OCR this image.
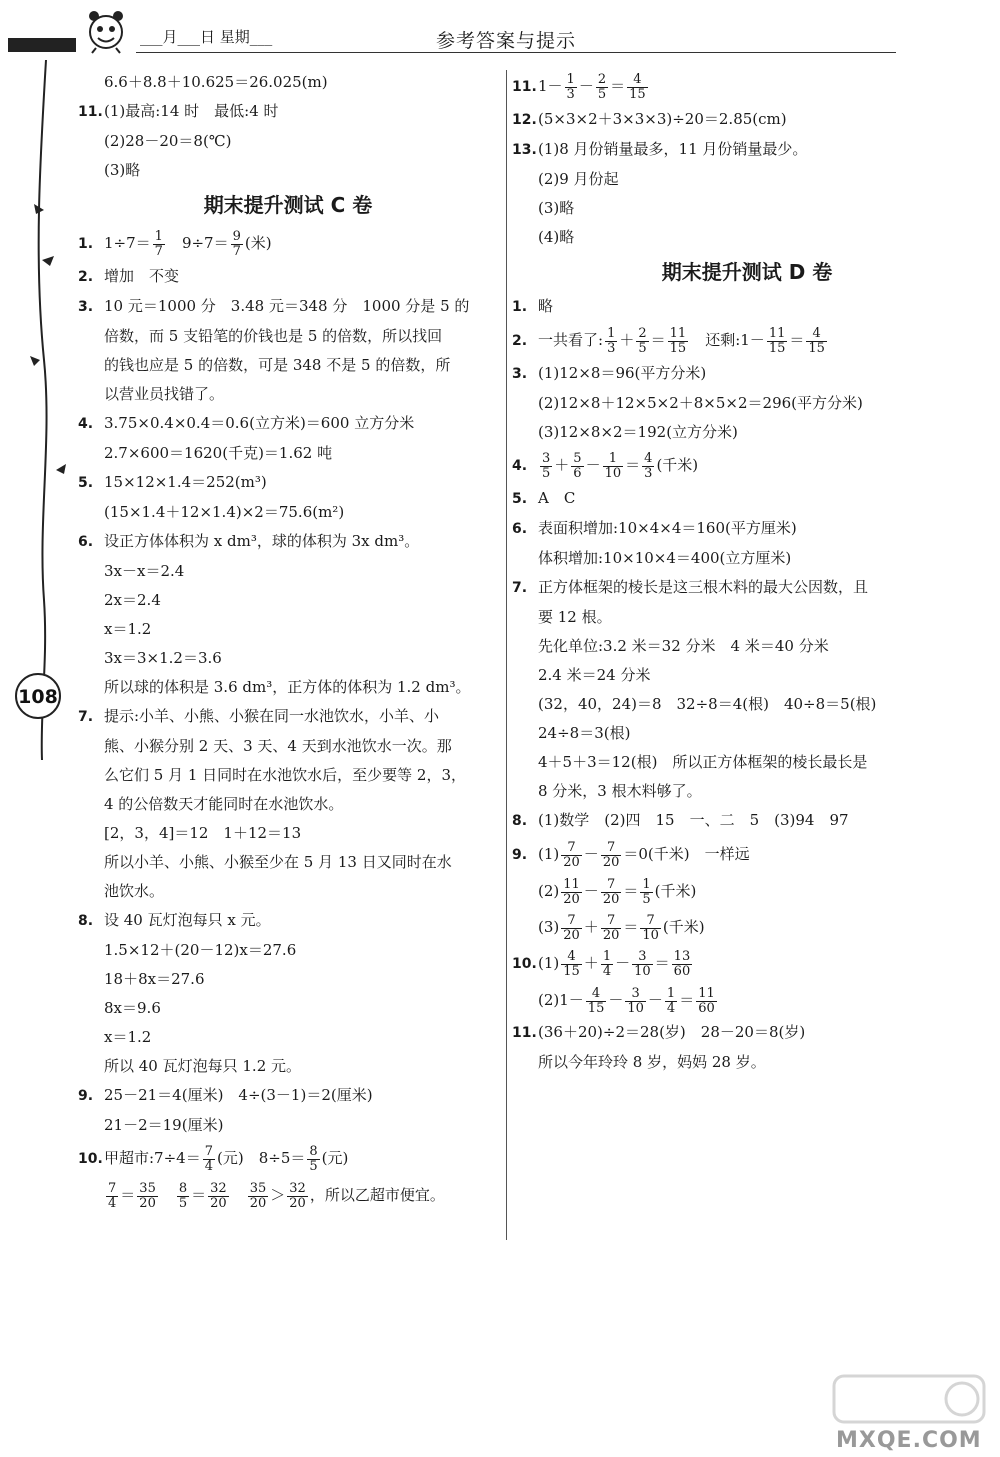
___月___日 星期___	参考答案与提示
108
6.6＋8.8＋10.625＝26.025(m)
11.(1)最高:14 时　最低:4 时
(2)28－20＝8(℃)
(3)略
期末提升测试 C 卷
1. $1\div 7= \frac{1}{7}$ 　$9\div 7= \frac{9}{7}$ (米)
2. 增加　不变
3. 10 元＝1000 分　3.48 元＝348 分　1000 分是 5 的
倍数，而 5 支铅笔的价钱也是 5 的倍数，所以找回
的钱也应是 5 的倍数，可是 348 不是 5 的倍数，所
以营业员找错了。
4. 3.75×0.4×0.4＝0.6(立方米)＝600 立方分米
2.7×600＝1620(千克)＝1.62 吨
5. 15×12×1.4＝252(m³)
(15×1.4＋12×1.4)×2＝75.6(m²)
6. 设正方体体积为 x dm³，球的体积为 3x dm³。
3x－x＝2.4
2x＝2.4
x＝1.2
3x＝3×1.2＝3.6
所以球的体积是 3.6 dm³，正方体的体积为 1.2 dm³。
7. 提示:小羊、小熊、小猴在同一水池饮水，小羊、小
熊、小猴分别 2 天、3 天、4 天到水池饮水一次。那
么它们 5 月 1 日同时在水池饮水后，至少要等 2，3，
4 的公倍数天才能同时在水池饮水。
[2，3，4]＝12　1＋12＝13
所以小羊、小熊、小猴至少在 5 月 13 日又同时在水
池饮水。
8. 设 40 瓦灯泡每只 x 元。
1.5×12＋(20－12)x＝27.6
18＋8x＝27.6
8x＝9.6
x＝1.2
所以 40 瓦灯泡每只 1.2 元。
9. 25－21＝4(厘米)　4÷(3－1)＝2(厘米)
21－2＝19(厘米)
10.甲超市:7÷4＝ $\frac{7}{4}$ (元)　$8\div 5= \frac{8}{5}$ (元)
$\frac{7}{4} = \frac{35}{20}$
　 $\frac{8}{5} = \frac{32}{20}$
　 $\frac{35}{20} > \frac{32}{20}$ ，所以乙超市便宜。
$11.1- \frac{1}{3} - \frac{2}{5} = \frac{4}{15}$
12.(5×3×2＋3×3×3)÷20＝2.85(cm)
13.(1)8 月份销量最多，11 月份销量最少。
(2)9 月份起
(3)略
(4)略
期末提升测试 D 卷
1. 略
2. 一共看了: $\frac{1}{3} + \frac{2}{5} = \frac{11}{15}$ 　还剩:1－ $\frac{11}{15} = \frac{4}{15}$
3. (1)12×8＝96(平方分米)
(2)12×8＋12×5×2＋8×5×2＝296(平方分米)
(3)12×8×2＝192(立方分米)
4. $\frac{3}{5} + \frac{5}{6} - \frac{1}{10} = \frac{4}{3}$ (千米)
5. A　C
6. 表面积增加:10×4×4＝160(平方厘米)
体积增加:10×10×4＝400(立方厘米)
7. 正方体框架的棱长是这三根木料的最大公因数，且
要 12 根。
先化单位:3.2 米＝32 分米　4 米＝40 分米
2.4 米＝24 分米
(32，40，24)＝8　32÷8＝4(根)　40÷8＝5(根)
24÷8＝3(根)
4＋5＋3＝12(根)　所以正方体框架的棱长最长是
8 分米，3 根木料够了。
8. (1)数学　(2)四　15　一、二　5　(3)94　97
9. $(1) \frac{7}{20} - \frac{7}{20} =0$(千米)　一样远
$(2) \frac{11}{20} - \frac{7}{20} = \frac{1}{5}$ (千米)
$(3) \frac{7}{20} + \frac{7}{20} = \frac{7}{10}$ (千米)
$10.(1) \frac{4}{15} + \frac{1}{4} - \frac{3}{10} = \frac{13}{60}$
$(2)1- \frac{4}{15} - \frac{3}{10} - \frac{1}{4} = \frac{11}{60}$
11.(36＋20)÷2＝28(岁)　28－20＝8(岁)
所以今年玲玲 8 岁，妈妈 28 岁。
MXQE.COM
